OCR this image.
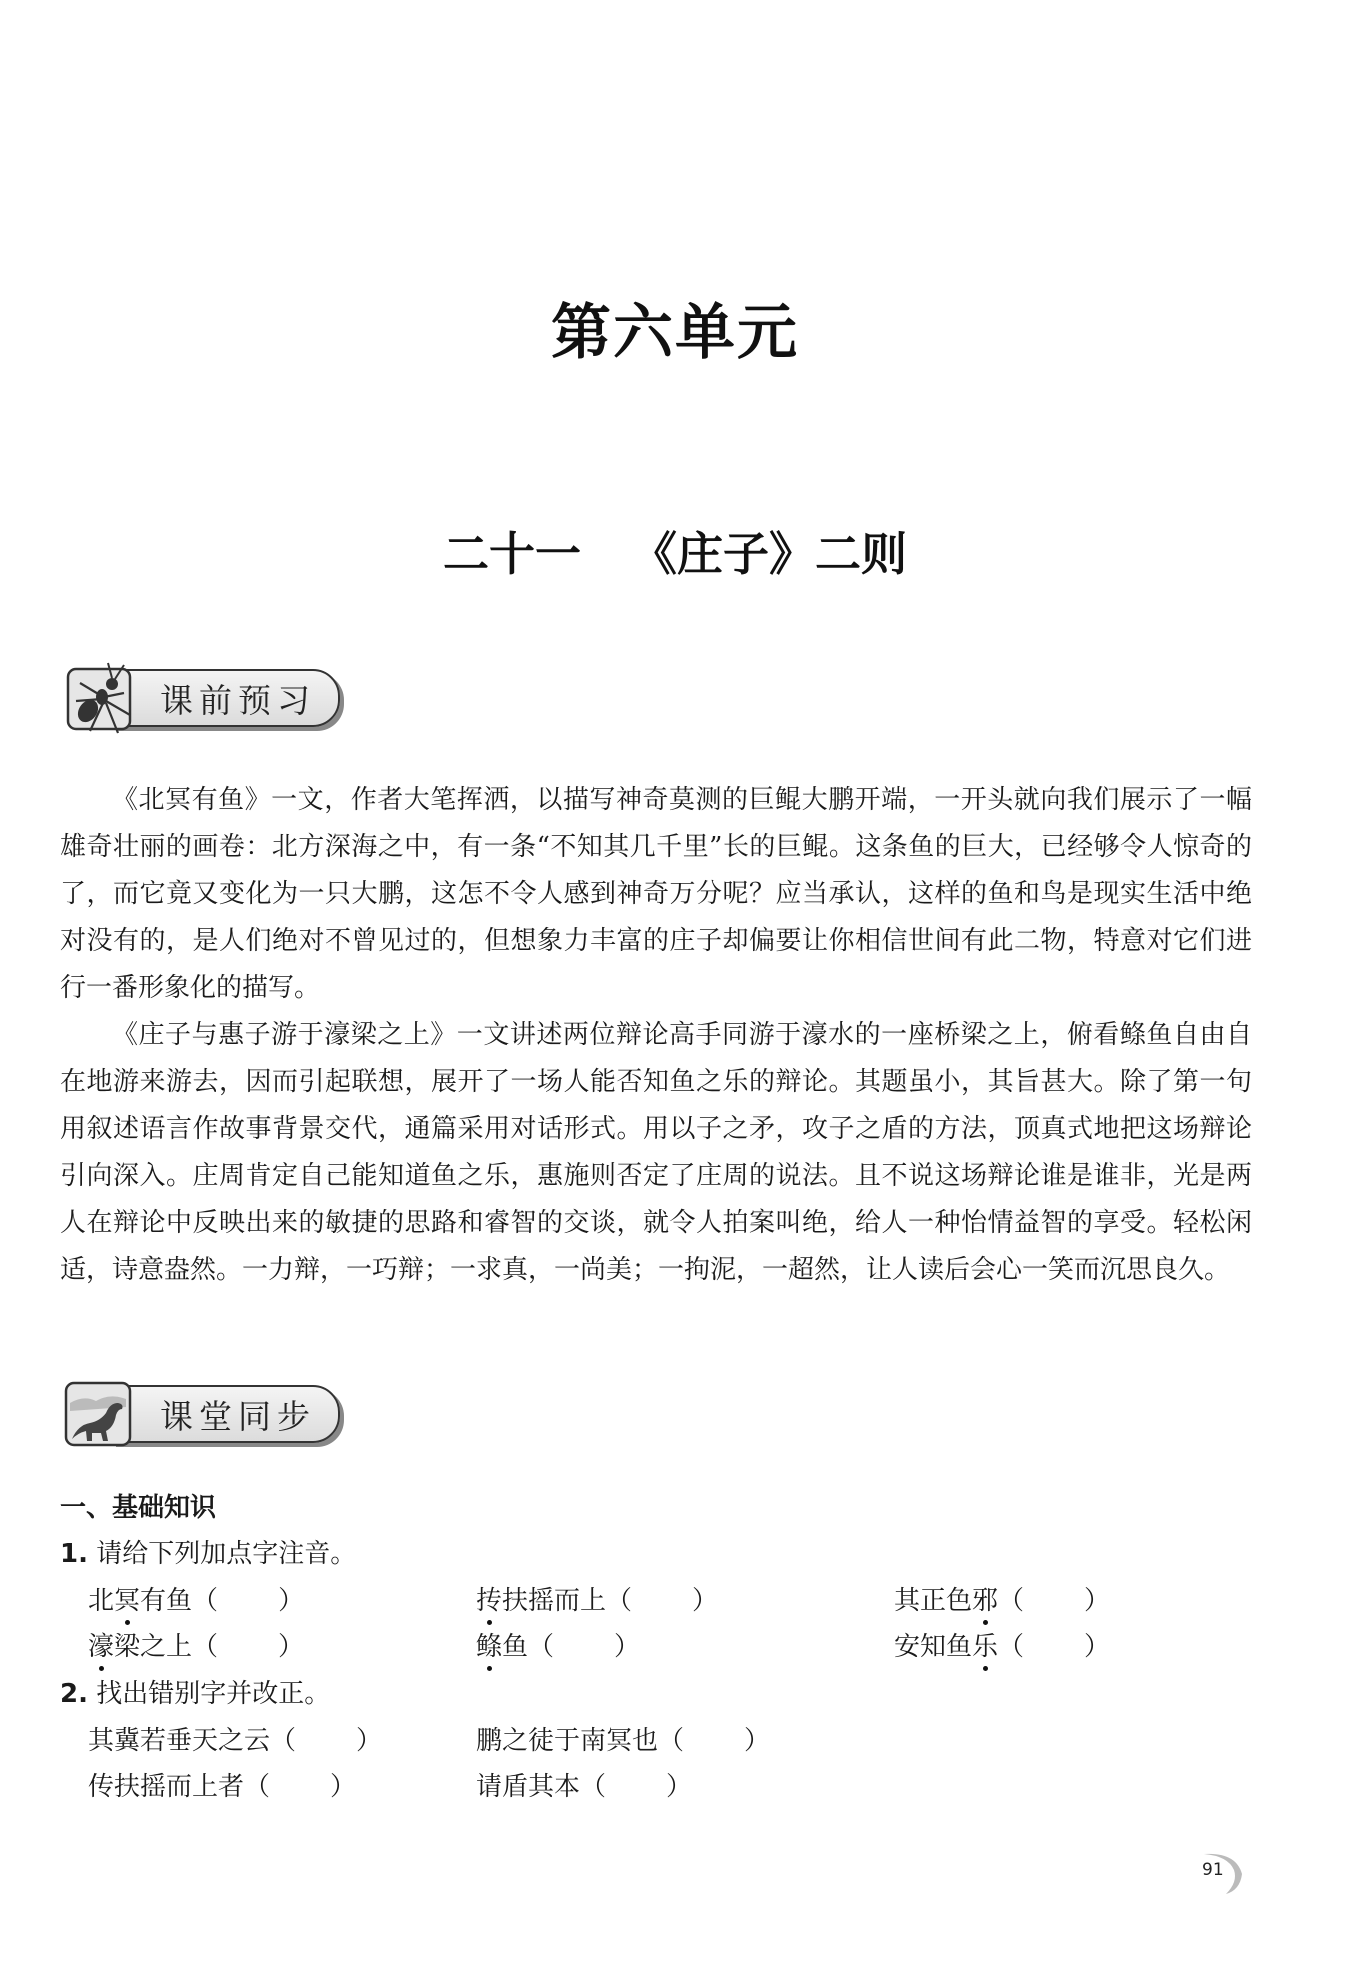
第六单元
二十一 《庄子》二则
课前预习

《北冥有鱼》一文，作者大笔挥洒，以描写神奇莫测的巨鲲大鹏开端，一开头就向我们展示了一幅雄奇壮丽的画卷：北方深海之中，有一条“不知其几千里”长的巨鲲。这条鱼的巨大，已经够令人惊奇的了，而它竟又变化为一只大鹏，这怎不令人感到神奇万分呢？应当承认，这样的鱼和鸟是现实生活中绝对没有的，是人们绝对不曾见过的，但想象力丰富的庄子却偏要让你相信世间有此二物，特意对它们进行一番形象化的描写。

《庄子与惠子游于濠梁之上》一文讲述两位辩论高手同游于濠水的一座桥梁之上，俯看鲦鱼自由自在地游来游去，因而引起联想，展开了一场人能否知鱼之乐的辩论。其题虽小，其旨甚大。除了第一句用叙述语言作故事背景交代，通篇采用对话形式。用以子之矛，攻子之盾的方法，顶真式地把这场辩论引向深入。庄周肯定自己能知道鱼之乐，惠施则否定了庄周的说法。且不说这场辩论谁是谁非，光是两人在辩论中反映出来的敏捷的思路和睿智的交谈，就令人拍案叫绝，给人一种怡情益智的享受。轻松闲适，诗意盎然。一力辩，一巧辩；一求真，一尚美；一拘泥，一超然，让人读后会心一笑而沉思良久。

课堂同步
一、基础知识
1. 请给下列加点字注音。
北冥有鱼（ ）	抟扶摇而上（ ）	其正色邪（ ）
濠梁之上（ ）	鲦鱼（ ）	安知鱼乐（ ）
2. 找出错别字并改正。
其冀若垂天之云（ ）	鹏之徒于南冥也（ ）
传扶摇而上者（ ）	请盾其本（ ）
91
